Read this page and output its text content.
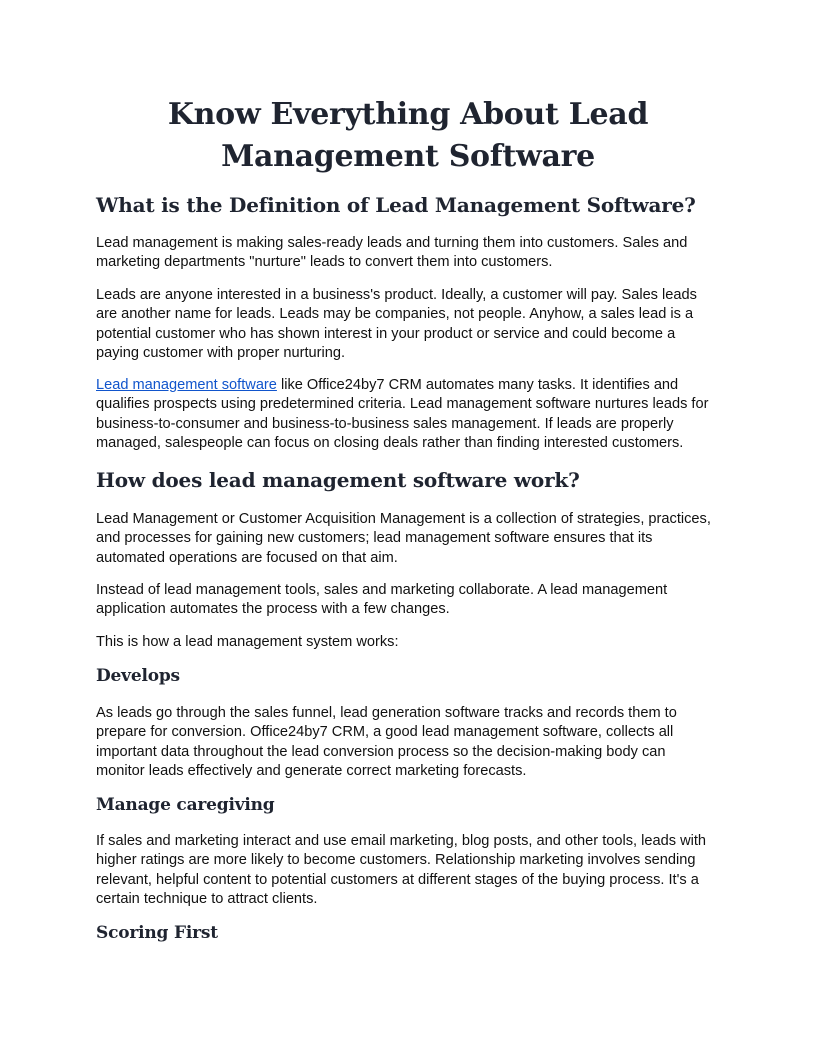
Know Everything About Lead
Management Software
What is the Definition of Lead Management Software?

Lead management is making sales-ready leads and turning them into customers. Sales and
marketing departments "nurture" leads to convert them into customers.

Leads are anyone interested in a business's product. Ideally, a customer will pay. Sales leads
are another name for leads. Leads may be companies, not people. Anyhow, a sales lead is a
potential customer who has shown interest in your product or service and could become a
paying customer with proper nurturing.

Lead management software like Office24by7 CRM automates many tasks. It identifies and
qualifies prospects using predetermined criteria. Lead management software nurtures leads for
business-to-consumer and business-to-business sales management. If leads are properly
managed, salespeople can focus on closing deals rather than finding interested customers.

How does lead management software work?

Lead Management or Customer Acquisition Management is a collection of strategies, practices,
and processes for gaining new customers; lead management software ensures that its
automated operations are focused on that aim.

Instead of lead management tools, sales and marketing collaborate. A lead management
application automates the process with a few changes.

This is how a lead management system works:

Develops

As leads go through the sales funnel, lead generation software tracks and records them to
prepare for conversion. Office24by7 CRM, a good lead management software, collects all
important data throughout the lead conversion process so the decision-making body can
monitor leads effectively and generate correct marketing forecasts.

Manage caregiving

If sales and marketing interact and use email marketing, blog posts, and other tools, leads with
higher ratings are more likely to become customers. Relationship marketing involves sending
relevant, helpful content to potential customers at different stages of the buying process. It's a
certain technique to attract clients.

Scoring First
